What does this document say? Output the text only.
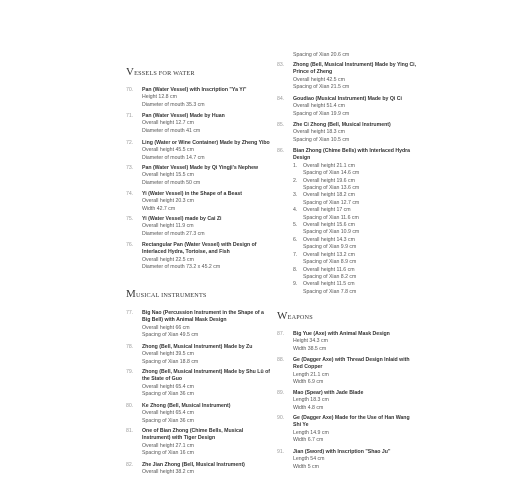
VESSELS FOR WATER
70.	Pan (Water Vessel) with Inscription "Ya Yi"
Height 12.8 cm
Diameter of mouth 35.3 cm
71.	Pan (Water Vessel) Made by Huan
Overall height 12.7 cm
Diameter of mouth 41 cm
72.	Ling (Water or Wine Container) Made by Zheng Yibo
Overall height 45.5 cm
Diameter of mouth 14.7 cm
73.	Pan (Water Vessel) Made by Qi Yingji's Nephew
Overall height 15.5 cm
Diameter of mouth 50 cm
74.	Yi (Water Vessel) in the Shape of a Beast
Overall height 20.3 cm
Width 42.7 cm
75.	Yi (Water Vessel) made by Cai Zi
Overall height 11.9 cm
Diameter of mouth 27.3 cm
76.	Rectangular Pan (Water Vessel) with Design of Interlaced Hydra, Tortoise, and Fish
Overall height 22.5 cm
Diameter of mouth 73.2 x 45.2 cm
MUSICAL INSTRUMENTS
77.	Big Nao (Percussion Instrument in the Shape of a Big Bell) with Animal Mask Design
Overall height 66 cm
Spacing of Xian 49.5 cm
78.	Zhong (Bell, Musical Instrument) Made by Zu
Overall height 39.5 cm
Spacing of Xian 18.8 cm
79.	Zhong (Bell, Musical Instrument) Made by Shu Lü of the State of Guo
Overall height 65.4 cm
Spacing of Xian 36 cm
80.	Ke Zhong (Bell, Musical Instrument)
Overall height 65.4 cm
Spacing of Xian 36 cm
81.	One of Bian Zhong (Chime Bells, Musical Instrument) with Tiger Design
Overall height 27.1 cm
Spacing of Xian 16 cm
82.	Zhe Jian Zhong (Bell, Musical Instrument)
Overall height 38.2 cm
Spacing of Xian 20.6 cm
83.	Zhong (Bell, Musical Instrument) Made by Ying Ci, Prince of Zheng
Overall height 42.5 cm
Spacing of Xian 21.5 cm
84.	Goudiao (Musical Instrument) Made by Qi Ci
Overall height 51.4 cm
Spacing of Xian 19.9 cm
85.	Zhe Ci Zhong (Bell, Musical Instrument)
Overall height 18.3 cm
Spacing of Xian 10.5 cm
86.	Bian Zhong (Chime Bells) with Interlaced Hydra Design
1. Overall height 21.1 cm
Spacing of Xian 14.6 cm
2. Overall height 19.6 cm
Spacing of Xian 13.6 cm
3. Overall height 18.2 cm
Spacing of Xian 12.7 cm
4. Overall height 17 cm
Spacing of Xian 11.6 cm
5. Overall height 15.6 cm
Spacing of Xian 10.9 cm
6. Overall height 14.3 cm
Spacing of Xian 9.9 cm
7. Overall height 13.2 cm
Spacing of Xian 8.9 cm
8. Overall height 11.6 cm
Spacing of Xian 8.2 cm
9. Overall height 11.5 cm
Spacing of Xian 7.8 cm
WEAPONS
87.	Big Yue (Axe) with Animal Mask Design
Height 34.3 cm
Width 38.5 cm
88.	Ge (Dagger Axe) with Thread Design Inlaid with Red Copper
Length 21.1 cm
Width 6.9 cm
89.	Mao (Spear) with Jade Blade
Length 18.3 cm
Width 4.8 cm
90.	Ge (Dagger Axe) Made for the Use of Han Wang Shi Ye
Length 14.9 cm
Width 6.7 cm
91.	Jian (Sword) with Inscription "Shao Ju"
Length 54 cm
Width 5 cm
